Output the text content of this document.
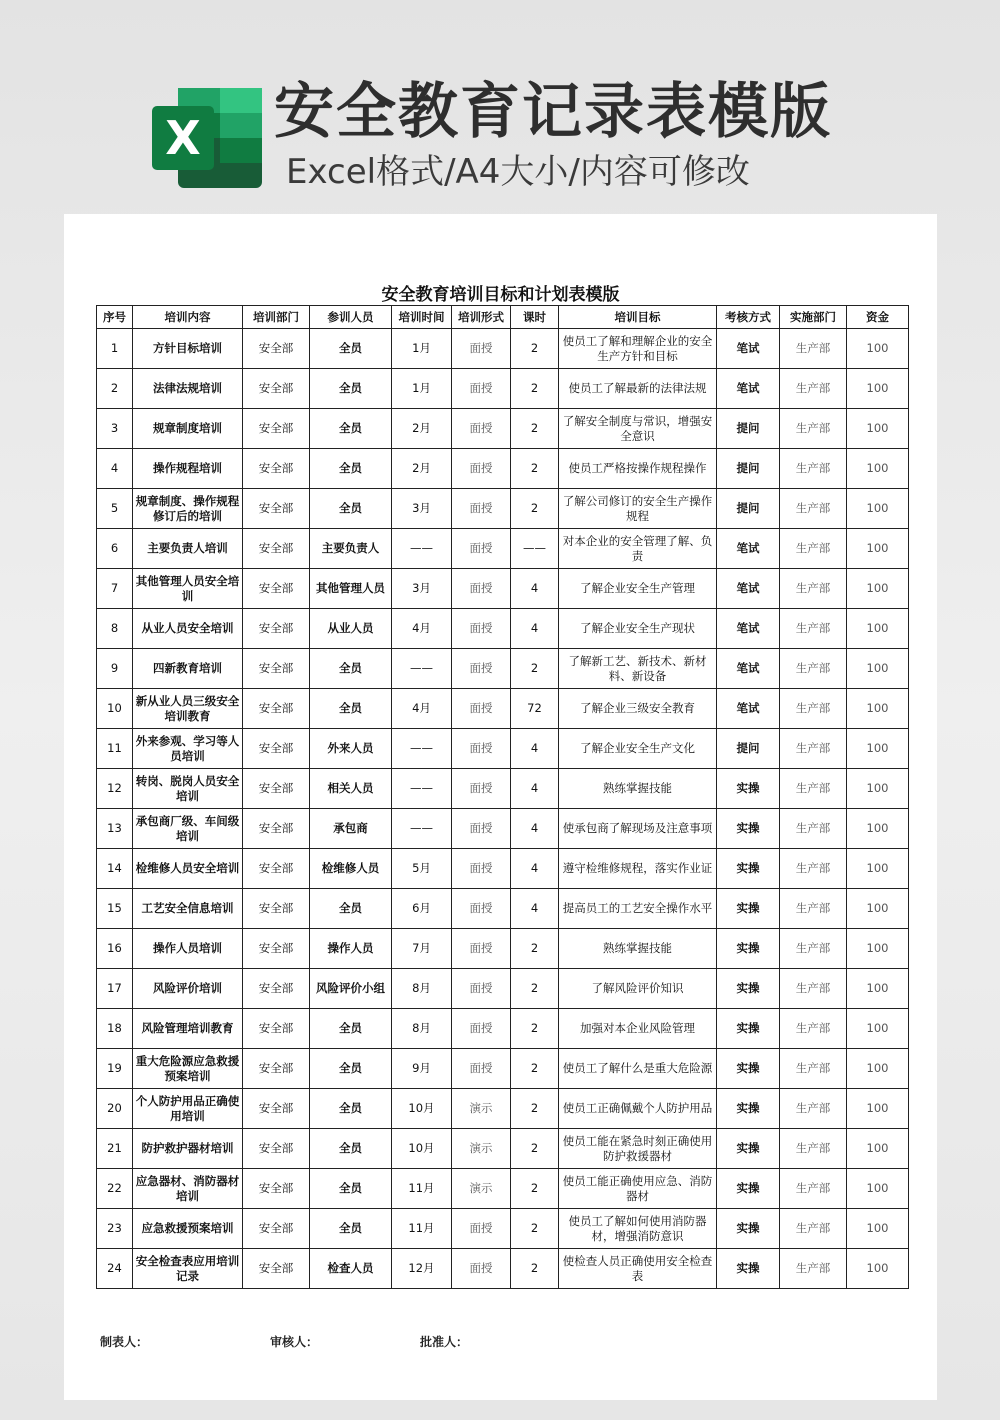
X 安全教育记录表模版
Excel格式/A4大小/内容可修改
安全教育培训目标和计划表模版
序号	培训内容	培训部门	参训人员	培训时间	培训形式	课时	培训目标	考核方式	实施部门	资金
1	方针目标培训	安全部	全员	1月	面授	2	使员工了解和理解企业的安全生产方针和目标	笔试	生产部	100
2	法律法规培训	安全部	全员	1月	面授	2	使员工了解最新的法律法规	笔试	生产部	100
3	规章制度培训	安全部	全员	2月	面授	2	了解安全制度与常识，增强安全意识	提问	生产部	100
4	操作规程培训	安全部	全员	2月	面授	2	使员工严格按操作规程操作	提问	生产部	100
5	规章制度、操作规程修订后的培训	安全部	全员	3月	面授	2	了解公司修订的安全生产操作规程	提问	生产部	100
6	主要负责人培训	安全部	主要负责人	——	面授	——	对本企业的安全管理了解、负责	笔试	生产部	100
7	其他管理人员安全培训	安全部	其他管理人员	3月	面授	4	了解企业安全生产管理	笔试	生产部	100
8	从业人员安全培训	安全部	从业人员	4月	面授	4	了解企业安全生产现状	笔试	生产部	100
9	四新教育培训	安全部	全员	——	面授	2	了解新工艺、新技术、新材料、新设备	笔试	生产部	100
10	新从业人员三级安全培训教育	安全部	全员	4月	面授	72	了解企业三级安全教育	笔试	生产部	100
11	外来参观、学习等人员培训	安全部	外来人员	——	面授	4	了解企业安全生产文化	提问	生产部	100
12	转岗、脱岗人员安全培训	安全部	相关人员	——	面授	4	熟练掌握技能	实操	生产部	100
13	承包商厂级、车间级培训	安全部	承包商	——	面授	4	使承包商了解现场及注意事项	实操	生产部	100
14	检维修人员安全培训	安全部	检维修人员	5月	面授	4	遵守检维修规程，落实作业证	实操	生产部	100
15	工艺安全信息培训	安全部	全员	6月	面授	4	提高员工的工艺安全操作水平	实操	生产部	100
16	操作人员培训	安全部	操作人员	7月	面授	2	熟练掌握技能	实操	生产部	100
17	风险评价培训	安全部	风险评价小组	8月	面授	2	了解风险评价知识	实操	生产部	100
18	风险管理培训教育	安全部	全员	8月	面授	2	加强对本企业风险管理	实操	生产部	100
19	重大危险源应急救援预案培训	安全部	全员	9月	面授	2	使员工了解什么是重大危险源	实操	生产部	100
20	个人防护用品正确使用培训	安全部	全员	10月	演示	2	使员工正确佩戴个人防护用品	实操	生产部	100
21	防护救护器材培训	安全部	全员	10月	演示	2	使员工能在紧急时刻正确使用防护救援器材	实操	生产部	100
22	应急器材、消防器材培训	安全部	全员	11月	演示	2	使员工能正确使用应急、消防器材	实操	生产部	100
23	应急救援预案培训	安全部	全员	11月	面授	2	使员工了解如何使用消防器材，增强消防意识	实操	生产部	100
24	安全检查表应用培训记录	安全部	检查人员	12月	面授	2	使检查人员正确使用安全检查表	实操	生产部	100
制表人：	审核人：	批准人：
